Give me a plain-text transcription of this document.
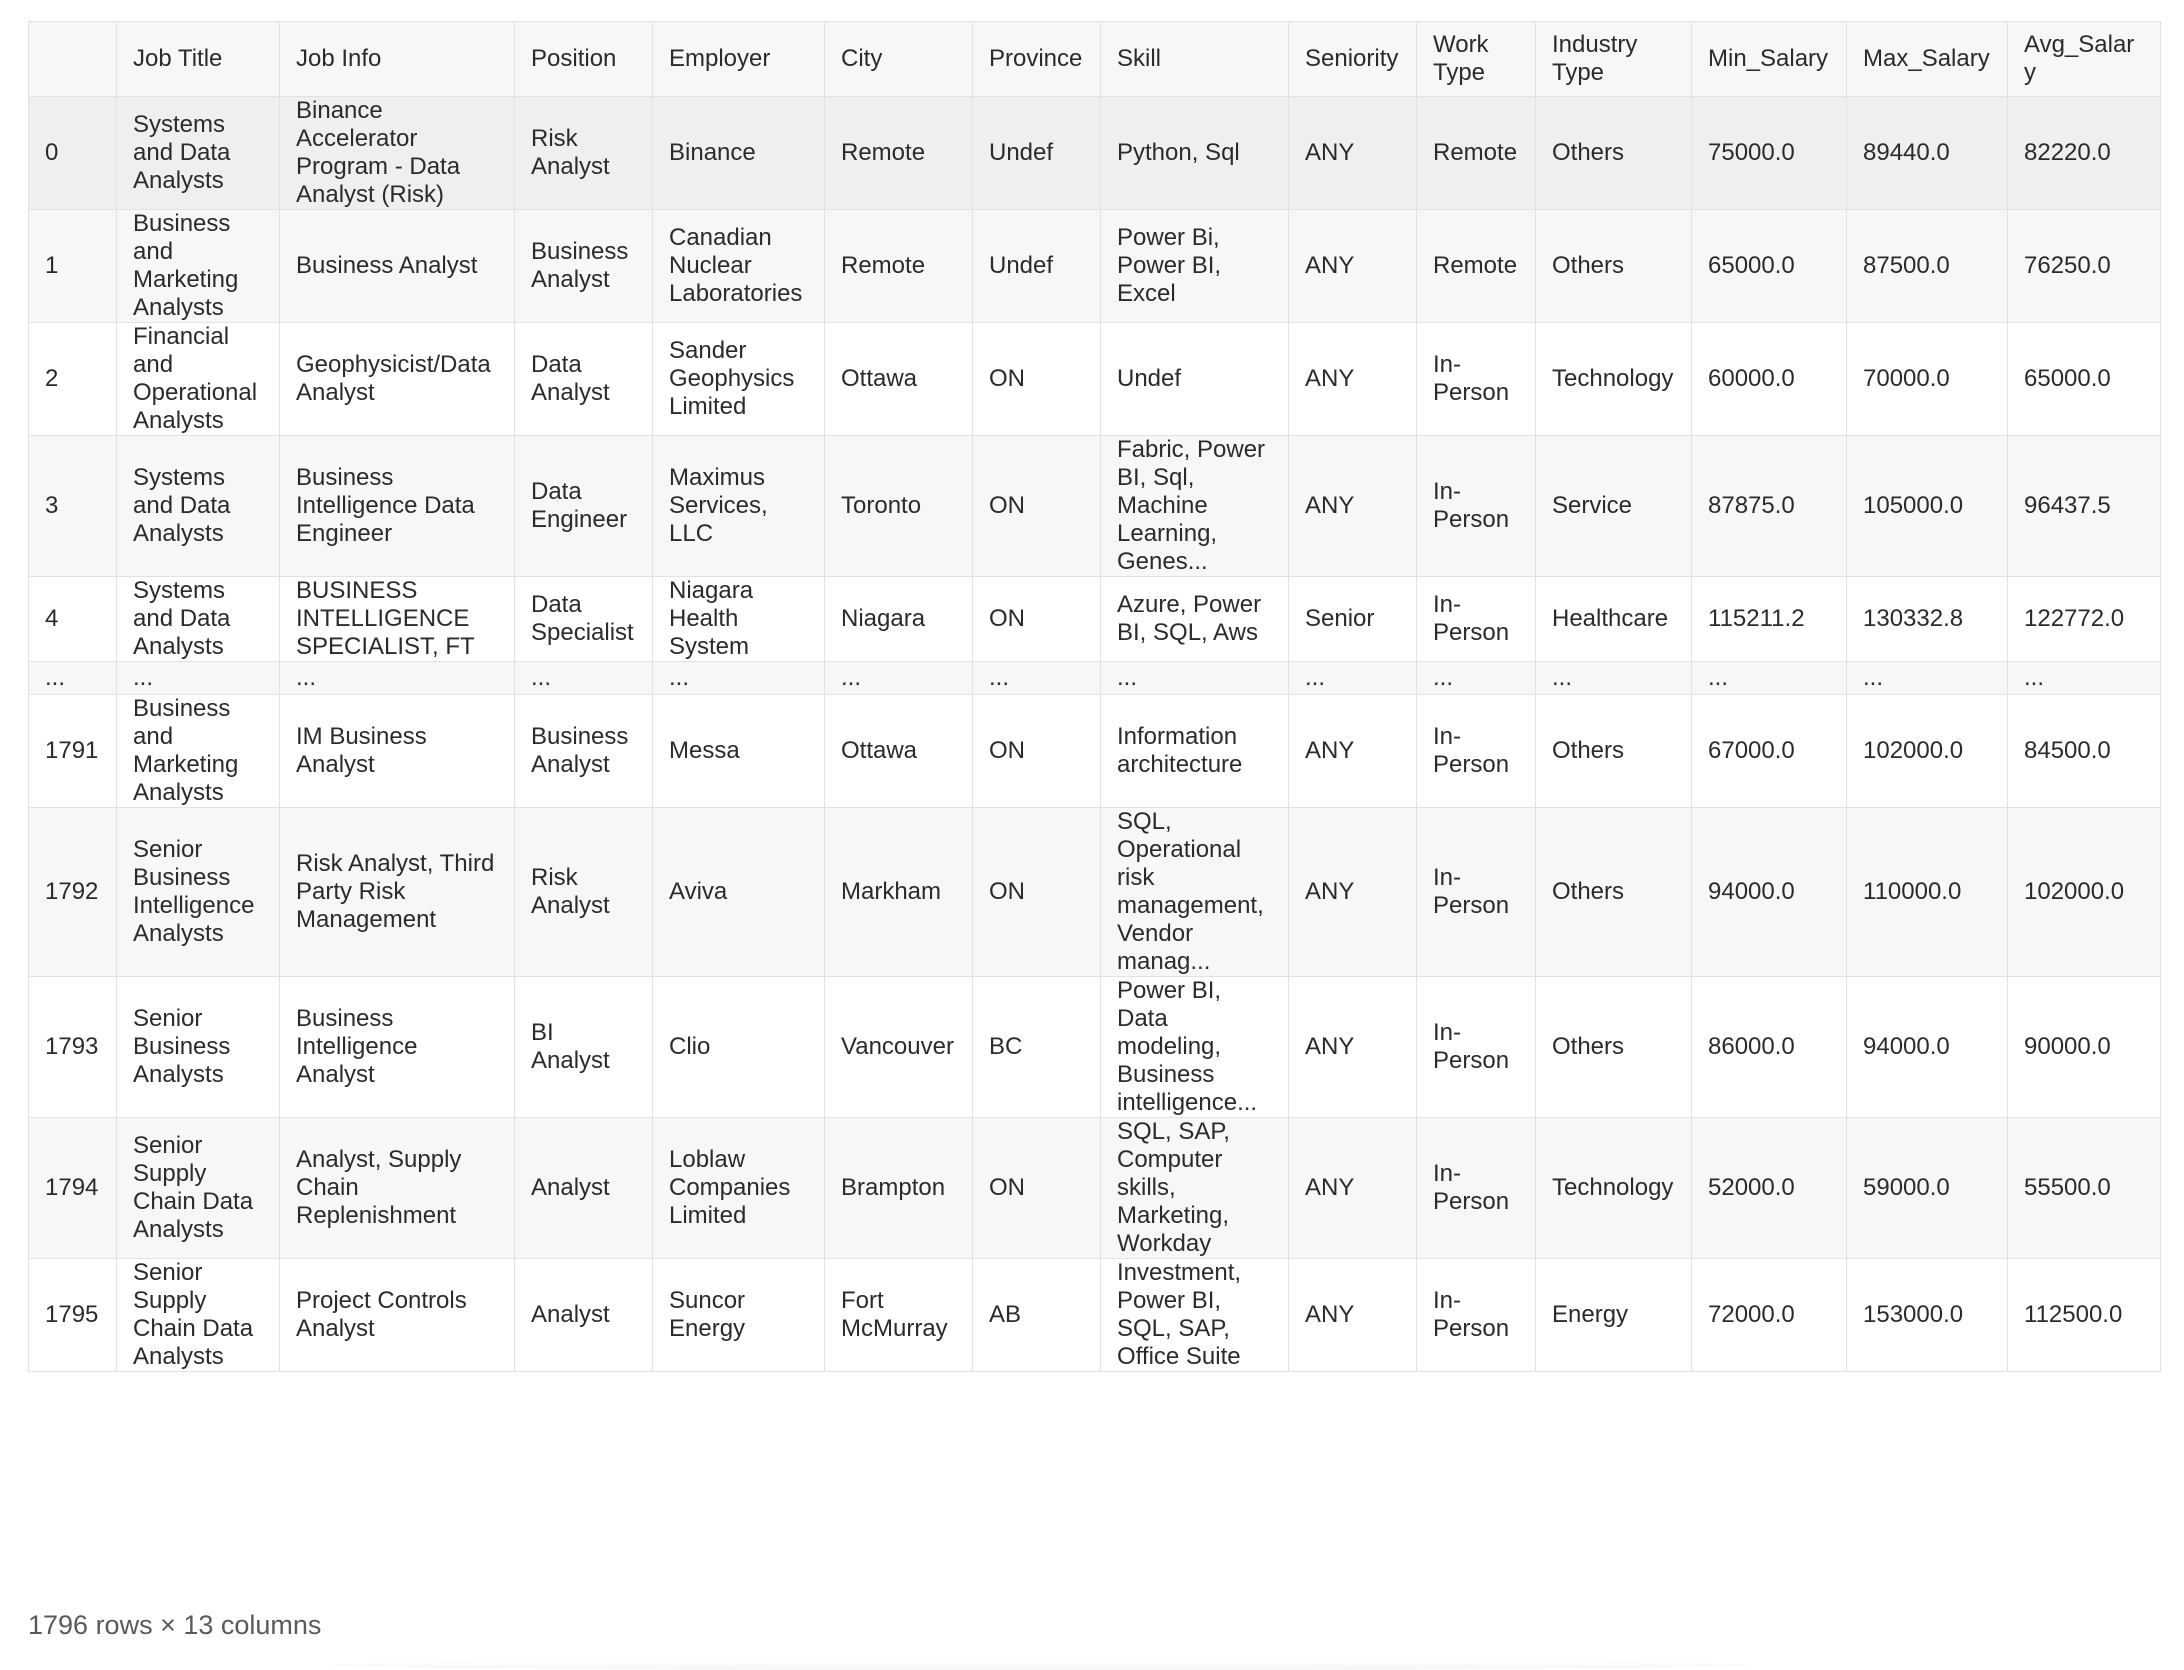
	Job Title	Job Info	Position	Employer	City	Province	Skill	Seniority	Work Type	Industry Type	Min_Salary	Max_Salary	Avg_Salary
0	Systems and Data Analysts	Binance Accelerator Program - Data Analyst (Risk)	Risk Analyst	Binance	Remote	Undef	Python, Sql	ANY	Remote	Others	75000.0	89440.0	82220.0
1	Business and Marketing Analysts	Business Analyst	Business Analyst	Canadian Nuclear Laboratories	Remote	Undef	Power Bi, Power BI, Excel	ANY	Remote	Others	65000.0	87500.0	76250.0
2	Financial and Operational Analysts	Geophysicist/Data Analyst	Data Analyst	Sander Geophysics Limited	Ottawa	ON	Undef	ANY	In-Person	Technology	60000.0	70000.0	65000.0
3	Systems and Data Analysts	Business Intelligence Data Engineer	Data Engineer	Maximus Services, LLC	Toronto	ON	Fabric, Power BI, Sql, Machine Learning, Genes...	ANY	In-Person	Service	87875.0	105000.0	96437.5
4	Systems and Data Analysts	BUSINESS INTELLIGENCE SPECIALIST, FT	Data Specialist	Niagara Health System	Niagara	ON	Azure, Power BI, SQL, Aws	Senior	In-Person	Healthcare	115211.2	130332.8	122772.0
...	...	...	...	...	...	...	...	...	...	...	...	...	...
1791	Business and Marketing Analysts	IM Business Analyst	Business Analyst	Messa	Ottawa	ON	Information architecture	ANY	In-Person	Others	67000.0	102000.0	84500.0
1792	Senior Business Intelligence Analysts	Risk Analyst, Third Party Risk Management	Risk Analyst	Aviva	Markham	ON	SQL, Operational risk management, Vendor manag...	ANY	In-Person	Others	94000.0	110000.0	102000.0
1793	Senior Business Analysts	Business Intelligence Analyst	BI Analyst	Clio	Vancouver	BC	Power BI, Data modeling, Business intelligence...	ANY	In-Person	Others	86000.0	94000.0	90000.0
1794	Senior Supply Chain Data Analysts	Analyst, Supply Chain Replenishment	Analyst	Loblaw Companies Limited	Brampton	ON	SQL, SAP, Computer skills, Marketing, Workday	ANY	In-Person	Technology	52000.0	59000.0	55500.0
1795	Senior Supply Chain Data Analysts	Project Controls Analyst	Analyst	Suncor Energy	Fort McMurray	AB	Investment, Power BI, SQL, SAP, Office Suite	ANY	In-Person	Energy	72000.0	153000.0	112500.0
1796 rows × 13 columns
